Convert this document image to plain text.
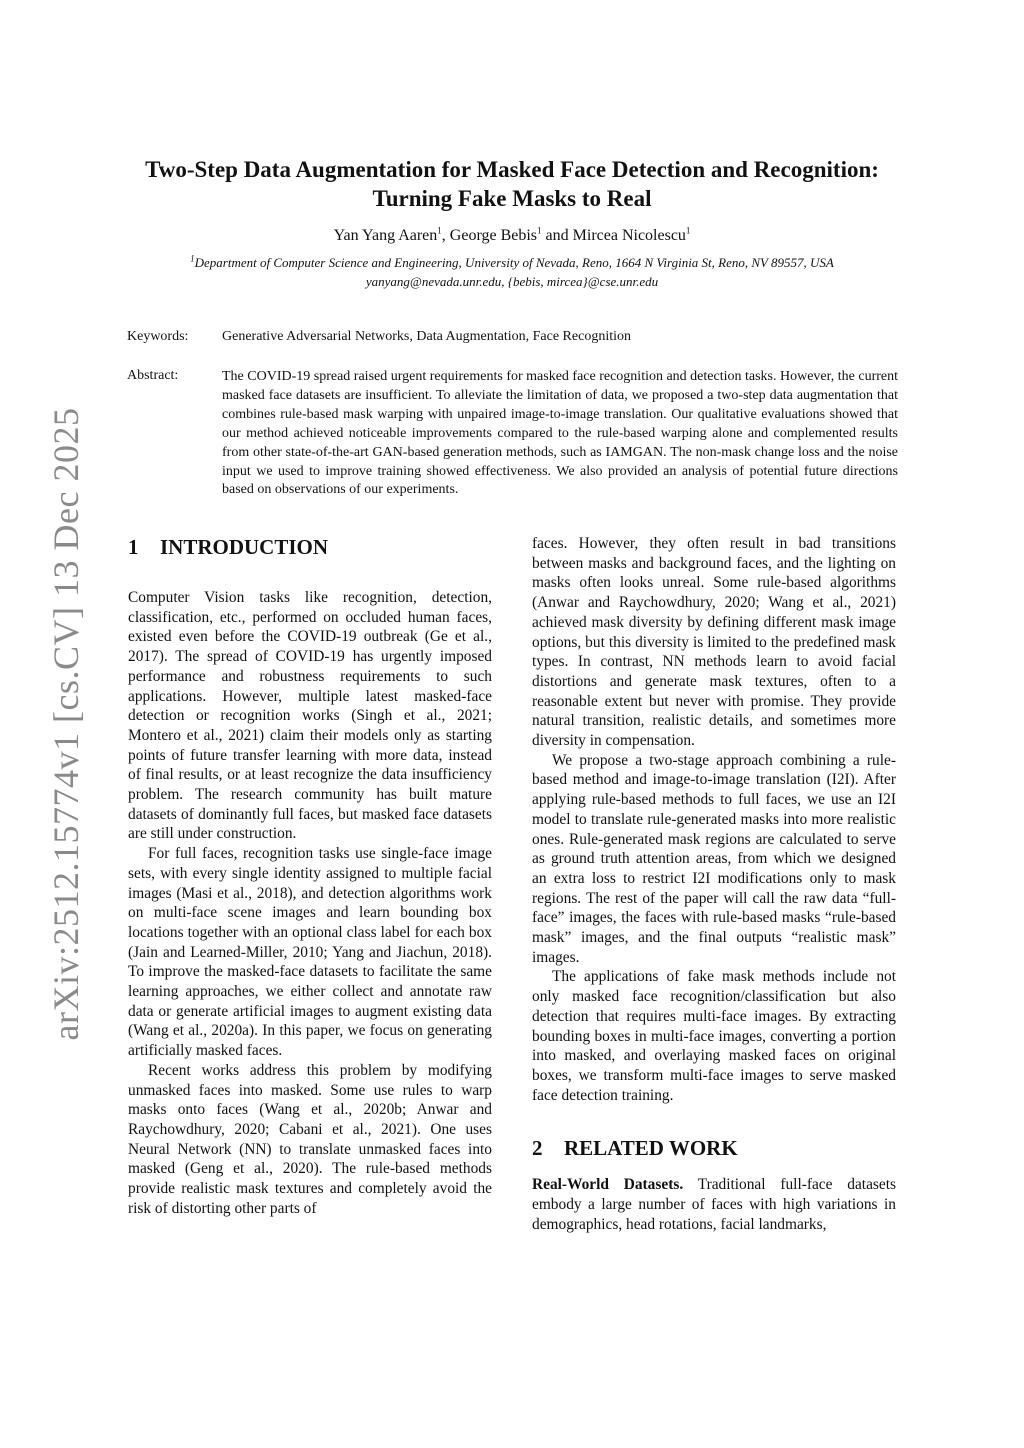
arXiv:2512.15774v1 [cs.CV] 13 Dec 2025
Two-Step Data Augmentation for Masked Face Detection and Recognition: Turning Fake Masks to Real
Yan Yang Aaren$^1$, George Bebis$^1$ and Mircea Nicolescu$^1$
$^1$Department of Computer Science and Engineering, University of Nevada, Reno, 1664 N Virginia St, Reno, NV 89557, USA
yanyang@nevada.unr.edu, {bebis, mircea}@cse.unr.edu
Keywords: Generative Adversarial Networks, Data Augmentation, Face Recognition
Abstract:	The COVID-19 spread raised urgent requirements for masked face recognition and detection tasks. However, the current masked face datasets are insufficient. To alleviate the limitation of data, we proposed a two-step data augmentation that combines rule-based mask warping with unpaired image-to-image translation. Our qualitative evaluations showed that our method achieved noticeable improvements compared to the rule-based warping alone and complemented results from other state-of-the-art GAN-based generation methods, such as IAMGAN. The non-mask change loss and the noise input we used to improve training showed effectiveness. We also provided an analysis of potential future directions based on observations of our experiments.
1 INTRODUCTION

Computer Vision tasks like recognition, detection, classification, etc., performed on occluded human faces, existed even before the COVID-19 outbreak (Ge et al., 2017). The spread of COVID-19 has urgently imposed performance and robustness requirements to such applications. However, multiple latest masked-face detection or recognition works (Singh et al., 2021; Montero et al., 2021) claim their models only as starting points of future transfer learning with more data, instead of final results, or at least recognize the data insufficiency problem. The research community has built mature datasets of dominantly full faces, but masked face datasets are still under construction.

For full faces, recognition tasks use single-face image sets, with every single identity assigned to multiple facial images (Masi et al., 2018), and detection algorithms work on multi-face scene images and learn bounding box locations together with an optional class label for each box (Jain and Learned-Miller, 2010; Yang and Jiachun, 2018). To improve the masked-face datasets to facilitate the same learning approaches, we either collect and annotate raw data or generate artificial images to augment existing data (Wang et al., 2020a). In this paper, we focus on generating artificially masked faces.

Recent works address this problem by modifying unmasked faces into masked. Some use rules to warp masks onto faces (Wang et al., 2020b; Anwar and Raychowdhury, 2020; Cabani et al., 2021). One uses Neural Network (NN) to translate unmasked faces into masked (Geng et al., 2020). The rule-based methods provide realistic mask textures and completely avoid the risk of distorting other parts of

faces. However, they often result in bad transitions between masks and background faces, and the lighting on masks often looks unreal. Some rule-based algorithms (Anwar and Raychowdhury, 2020; Wang et al., 2021) achieved mask diversity by defining different mask image options, but this diversity is limited to the predefined mask types. In contrast, NN methods learn to avoid facial distortions and generate mask textures, often to a reasonable extent but never with promise. They provide natural transition, realistic details, and sometimes more diversity in compensation.

We propose a two-stage approach combining a rule-based method and image-to-image translation (I2I). After applying rule-based methods to full faces, we use an I2I model to translate rule-generated masks into more realistic ones. Rule-generated mask regions are calculated to serve as ground truth attention areas, from which we designed an extra loss to restrict I2I modifications only to mask regions. The rest of the paper will call the raw data “full-face” images, the faces with rule-based masks “rule-based mask” images, and the final outputs “realistic mask” images.

The applications of fake mask methods include not only masked face recognition/classification but also detection that requires multi-face images. By extracting bounding boxes in multi-face images, converting a portion into masked, and overlaying masked faces on original boxes, we transform multi-face images to serve masked face detection training.

2 RELATED WORK

Real-World Datasets. Traditional full-face datasets embody a large number of faces with high variations in demographics, head rotations, facial landmarks,
